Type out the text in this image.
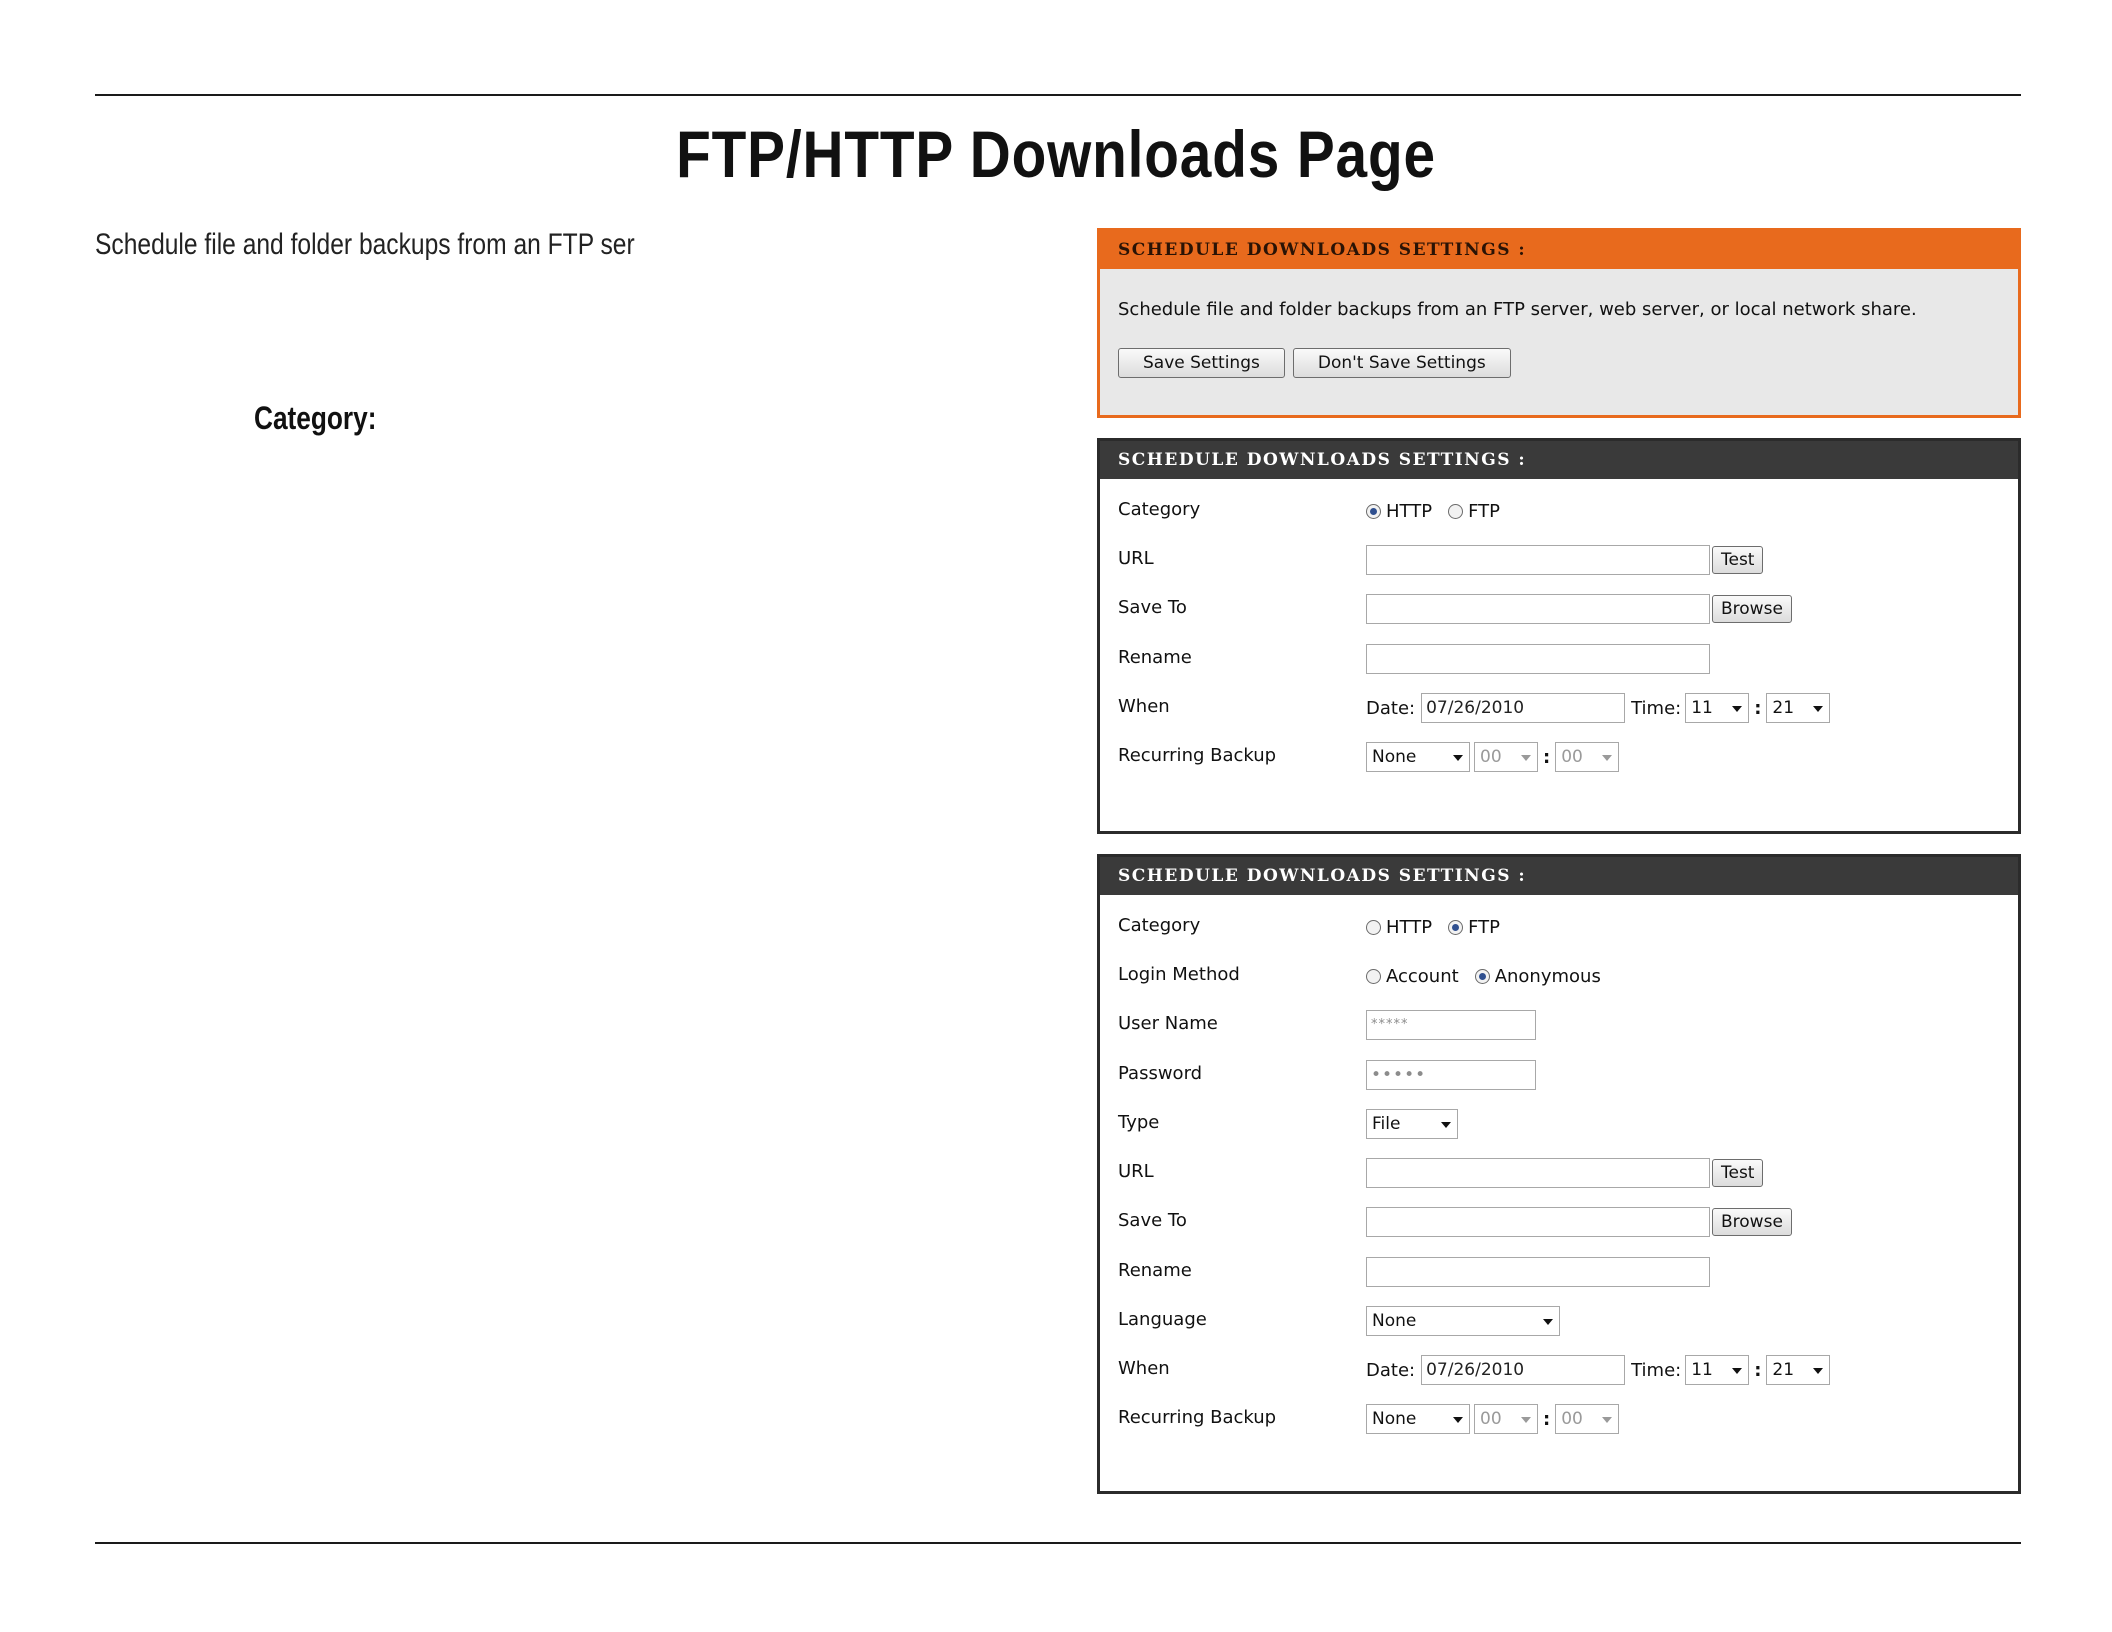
FTP/HTTP Downloads Page
Schedule file and folder backups from an FTP ser
Category:
SCHEDULE DOWNLOADS SETTINGS :
Schedule file and folder backups from an FTP server, web server, or local network share.
Save Settings	Don't Save Settings
SCHEDULE DOWNLOADS SETTINGS :
Category	HTTP FTP
URL	Test
Save To	Browse
Rename
When	Date: 07/26/2010	Time: 11	: 21
Recurring Backup	None	00	: 00
SCHEDULE DOWNLOADS SETTINGS :
Category	HTTP FTP
Login Method	Account Anonymous
User Name	*****
Password	•••••
Type	File
URL	Test
Save To	Browse
Rename
Language	None
When	Date: 07/26/2010	Time: 11	: 21
Recurring Backup	None	00	: 00
